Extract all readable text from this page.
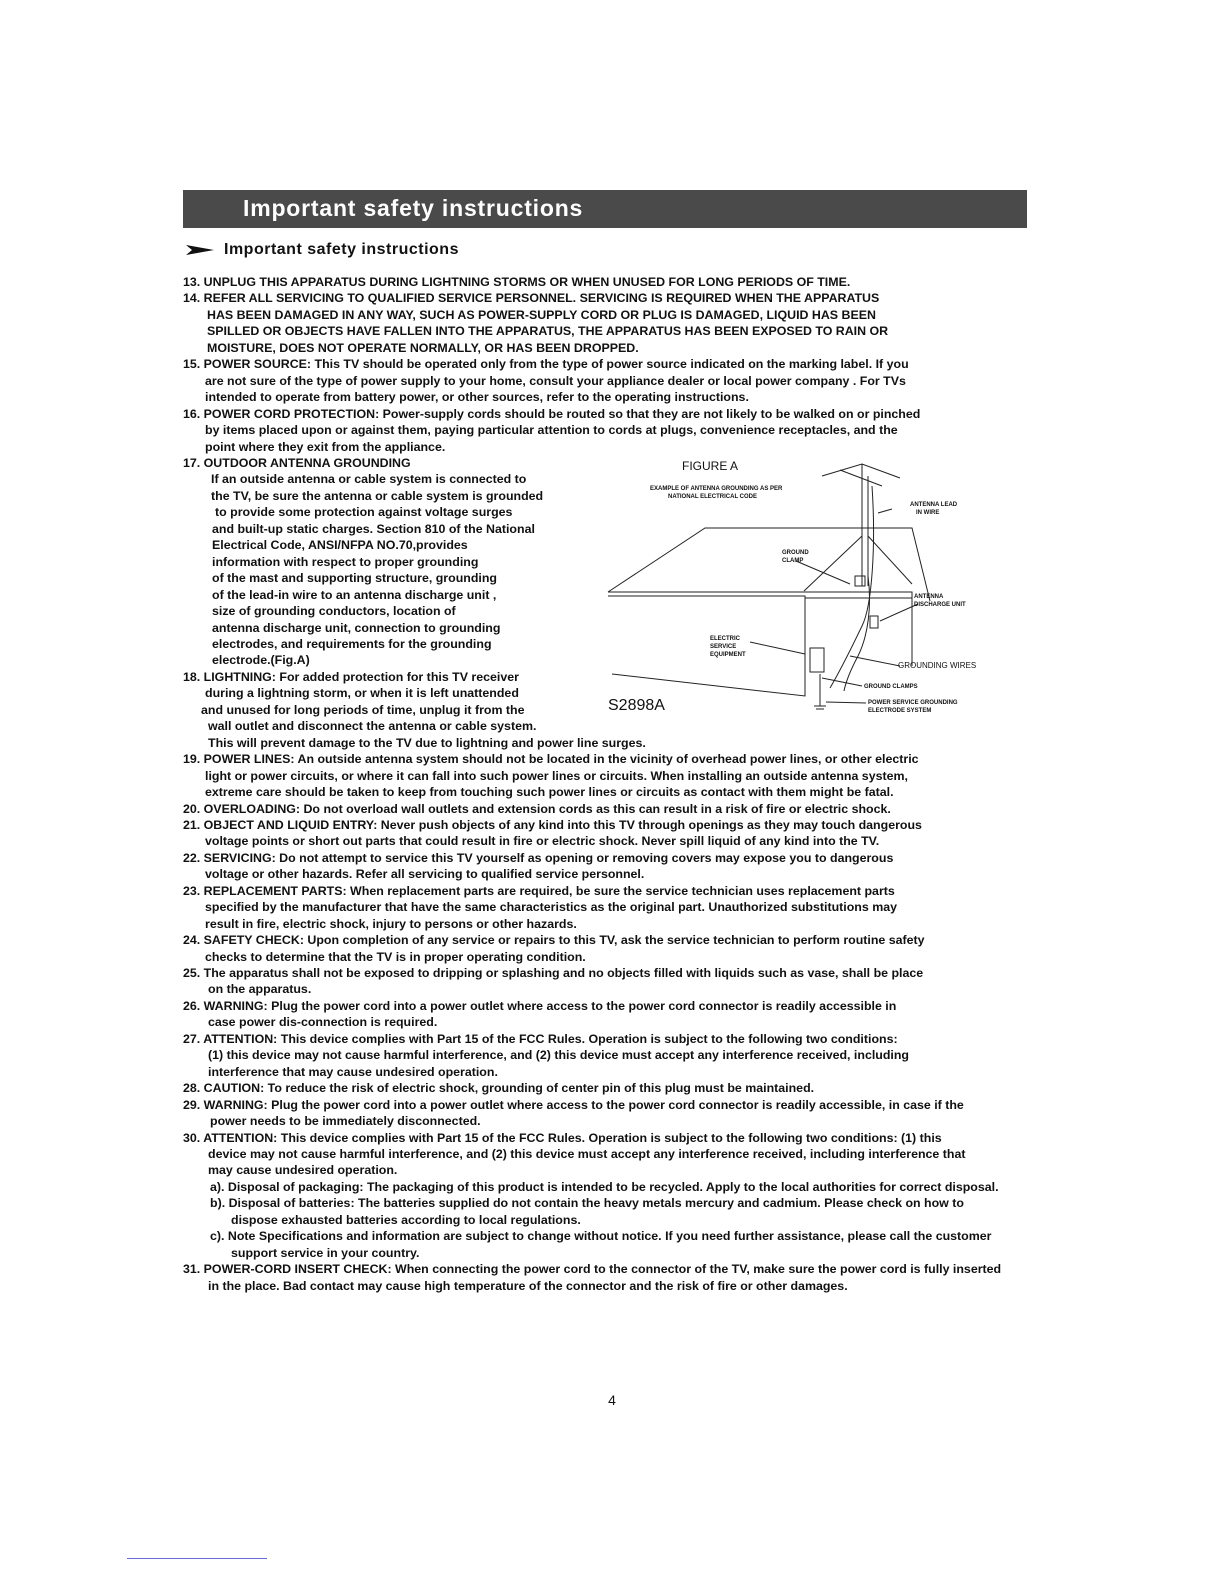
Important safety instructions
Important safety instructions

13. UNPLUG THIS APPARATUS DURING LIGHTNING STORMS OR WHEN UNUSED FOR LONG PERIODS OF TIME.

14. REFER ALL SERVICING TO QUALIFIED SERVICE PERSONNEL. SERVICING IS REQUIRED WHEN THE APPARATUS

HAS BEEN DAMAGED IN ANY WAY, SUCH AS POWER-SUPPLY CORD OR PLUG IS DAMAGED, LIQUID HAS BEEN

SPILLED OR OBJECTS HAVE FALLEN INTO THE APPARATUS, THE APPARATUS HAS BEEN EXPOSED TO RAIN OR

MOISTURE, DOES NOT OPERATE NORMALLY, OR HAS BEEN DROPPED.

15. POWER SOURCE: This TV should be operated only from the type of power source indicated on the marking label. If you

are not sure of the type of power supply to your home, consult your appliance dealer or local power company . For TVs

intended to operate from battery power, or other sources, refer to the operating instructions.

16. POWER CORD PROTECTION: Power-supply cords should be routed so that they are not likely to be walked on or pinched

by items placed upon or against them, paying particular attention to cords at plugs, convenience receptacles, and the

point where they exit from the appliance.

17. OUTDOOR ANTENNA GROUNDING

If an outside antenna or cable system is connected to

the TV, be sure the antenna or cable system is grounded

to provide some protection against voltage surges

and built-up static charges. Section 810 of the National

Electrical Code, ANSI/NFPA NO.70,provides

information with respect to proper grounding

of the mast and supporting structure, grounding

of the lead-in wire to an antenna discharge unit ,

size of grounding conductors, location of

antenna discharge unit, connection to grounding

electrodes, and requirements for the grounding

electrode.(Fig.A)

18. LIGHTNING: For added protection for this TV receiver

during a lightning storm, or when it is left unattended

and unused for long periods of time, unplug it from the

wall outlet and disconnect the antenna or cable system.

This will prevent damage to the TV due to lightning and power line surges.

19. POWER LINES: An outside antenna system should not be located in the vicinity of overhead power lines, or other electric

light or power circuits, or where it can fall into such power lines or circuits. When installing an outside antenna system,

extreme care should be taken to keep from touching such power lines or circuits as contact with them might be fatal.

20. OVERLOADING: Do not overload wall outlets and extension cords as this can result in a risk of fire or electric shock.

21. OBJECT AND LIQUID ENTRY: Never push objects of any kind into this TV through openings as they may touch dangerous

voltage points or short out parts that could result in fire or electric shock. Never spill liquid of any kind into the TV.

22. SERVICING: Do not attempt to service this TV yourself as opening or removing covers may expose you to dangerous

voltage or other hazards. Refer all servicing to qualified service personnel.

23. REPLACEMENT PARTS: When replacement parts are required, be sure the service technician uses replacement parts

specified by the manufacturer that have the same characteristics as the original part. Unauthorized substitutions may

result in fire, electric shock, injury to persons or other hazards.

24. SAFETY CHECK: Upon completion of any service or repairs to this TV, ask the service technician to perform routine safety

checks to determine that the TV is in proper operating condition.

25. The apparatus shall not be exposed to dripping or splashing and no objects filled with liquids such as vase, shall be place

on the apparatus.

26. WARNING: Plug the power cord into a power outlet where access to the power cord connector is readily accessible in

case power dis-connection is required.

27. ATTENTION: This device complies with Part 15 of the FCC Rules. Operation is subject to the following two conditions:

(1) this device may not cause harmful interference, and (2) this device must accept any interference received, including

interference that may cause undesired operation.

28. CAUTION: To reduce the risk of electric shock, grounding of center pin of this plug must be maintained.

29. WARNING: Plug the power cord into a power outlet where access to the power cord connector is readily accessible, in case if the

power needs to be immediately disconnected.

30. ATTENTION: This device complies with Part 15 of the FCC Rules. Operation is subject to the following two conditions: (1) this

device may not cause harmful interference, and (2) this device must accept any interference received, including interference that

may cause undesired operation.

a). Disposal of packaging: The packaging of this product is intended to be recycled. Apply to the local authorities for correct disposal.

b). Disposal of batteries: The batteries supplied do not contain the heavy metals mercury and cadmium. Please check on how to

dispose exhausted batteries according to local regulations.

c). Note Specifications and information are subject to change without notice. If you need further assistance, please call the customer

support service in your country.

31. POWER-CORD INSERT CHECK: When connecting the power cord to the connector of the TV, make sure the power cord is fully inserted

in the place. Bad contact may cause high temperature of the connector and the risk of fire or other damages.

FIGURE A
EXAMPLE OF ANTENNA GROUNDING AS PER
NATIONAL ELECTRICAL CODE
ANTENNA LEAD
IN WIRE
GROUND
CLAMP
ANTENNA
DISCHARGE UNIT
ELECTRIC
SERVICE
EQUIPMENT
GROUNDING WIRES
GROUND CLAMPS
POWER SERVICE GROUNDING
ELECTRODE SYSTEM
S2898A
4
